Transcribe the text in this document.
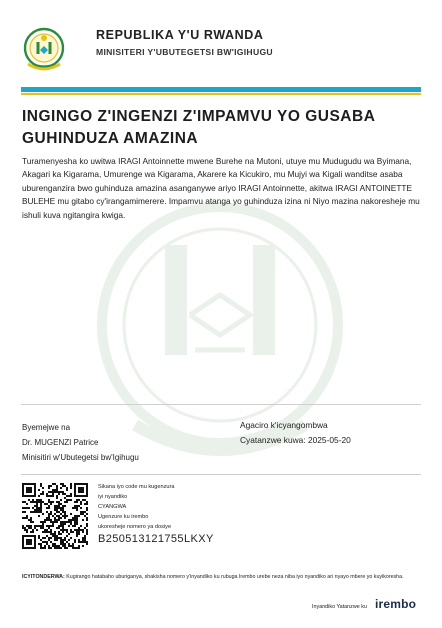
REPUBLIKA Y'U RWANDA
MINISITERI Y'UBUTEGETSI BW'IGIHUGU
INGINGO Z'INGENZI Z'IMPAMVU YO GUSABA GUHINDUZA AMAZINA
Turamenyesha ko uwitwa IRAGI Antoinnette mwene Burehe na Mutoni, utuye mu Mudugudu wa Byimana, Akagari ka Kigarama, Umurenge wa Kigarama, Akarere ka Kicukiro, mu Mujyi wa Kigali wanditse asaba uburenganzira bwo guhinduza amazina asanganywe ariyo IRAGI Antoinnette, akitwa IRAGI ANTOINETTE BULEHE mu gitabo cy'irangamimerere. Impamvu atanga yo guhinduza izina ni Niyo mazina nakoresheje mu ishuli kuva ngitangira kwiga.
Byemejwe na
Dr. MUGENZI Patrice
Minisitiri w'Ubutegetsi bw'Igihugu
Agaciro k'icyangombwa
Cyatanzwe kuwa: 2025-05-20
Sikana iyo code mu kugenzura
iyi nyandiko
CYANGWA
Ugenzure ku irembo
ukoresheje nomero ya dosiye
B250513121755LKXY
ICYITONDERWA: Kugirango hatabaho uburiganya, shakisha nomero y'inyandiko ku rubuga Irembo urebe neza niba iyo nyandiko ari nyayo mbere yo kuyikoresha.
Inyandiko Yatanzwe ku irembo
